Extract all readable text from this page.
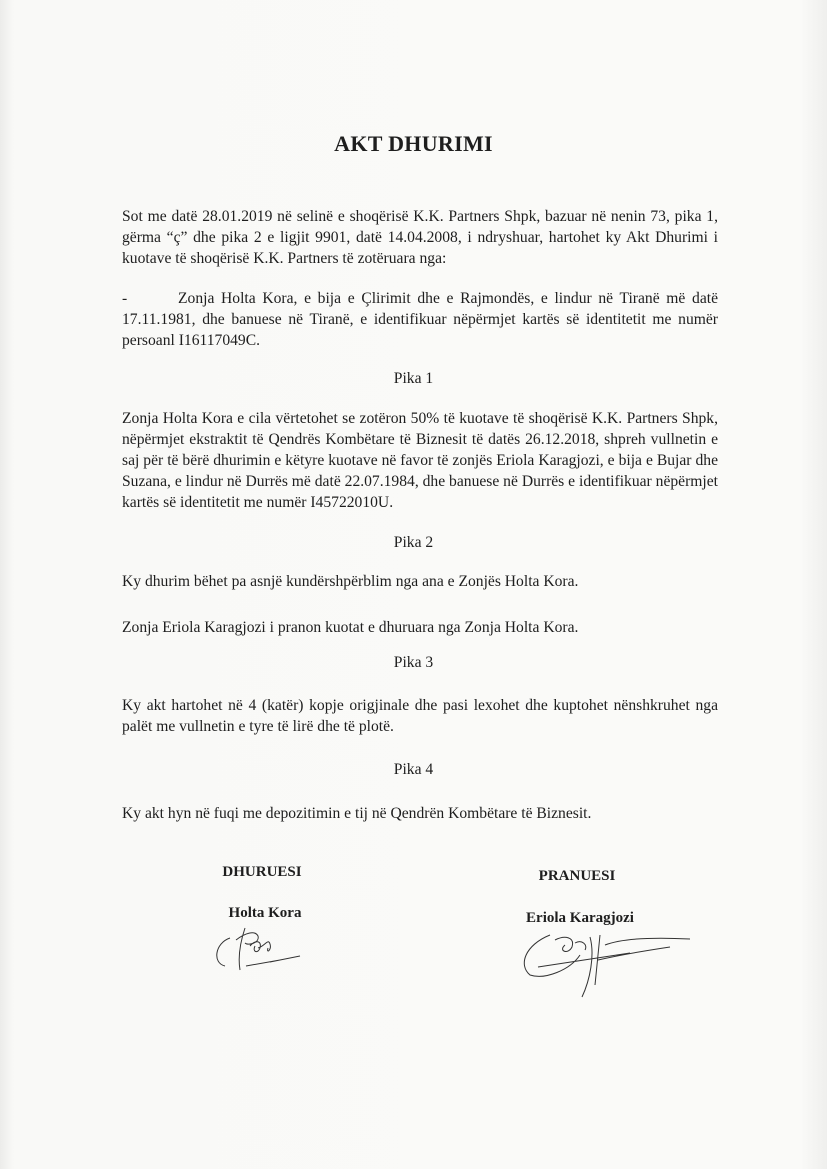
AKT DHURIMI
Sot me datë 28.01.2019 në selinë e shoqërisë K.K. Partners Shpk, bazuar në nenin 73, pika 1, gërma “ç” dhe pika 2 e ligjit 9901, datë 14.04.2008, i ndryshuar, hartohet ky Akt Dhurimi i kuotave të shoqërisë K.K. Partners të zotëruara nga:
-	Zonja Holta Kora, e bija e Çlirimit dhe e Rajmondës, e lindur në Tiranë më datë 17.11.1981, dhe banuese në Tiranë, e identifikuar nëpërmjet kartës së identitetit me numër persoanl I16117049C.
Pika 1
Zonja Holta Kora e cila vërtetohet se zotëron 50% të kuotave të shoqërisë K.K. Partners Shpk, nëpërmjet ekstraktit të Qendrës Kombëtare të Biznesit të datës 26.12.2018, shpreh vullnetin e saj për të bërë dhurimin e këtyre kuotave në favor të zonjës Eriola Karagjozi, e bija e Bujar dhe Suzana, e lindur në Durrës më datë 22.07.1984, dhe banuese në Durrës e identifikuar nëpërmjet kartës së identitetit me numër I45722010U.
Pika 2
Ky dhurim bëhet pa asnjë kundërshpërblim nga ana e Zonjës Holta Kora.
Zonja Eriola Karagjozi i pranon kuotat e dhuruara nga Zonja Holta Kora.
Pika 3
Ky akt hartohet në 4 (katër) kopje origjinale dhe pasi lexohet dhe kuptohet nënshkruhet nga palët me vullnetin e tyre të lirë dhe të plotë.
Pika 4
Ky akt hyn në fuqi me depozitimin e tij në Qendrën Kombëtare të Biznesit.
DHURUESI
Holta Kora
PRANUESI
Eriola Karagjozi
